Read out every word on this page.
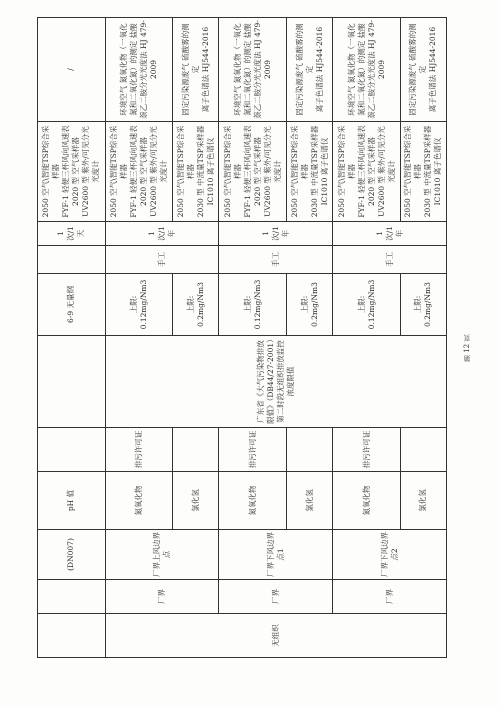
		(DN007)	pH 值			6-9 无量纲		1 次/1 天	2050 空气\智能TSP综合采样器
FYF-1 轻便三杯风向风速表
2020 型 空气采样器
UV2600 型 紫外/可见分光光度计	/
无组织	厂界	厂界上风边界点	氮氧化物	排污许可证	广东省《大气污染物排放限值》（DB44/27-2001）第二时段无组织排放监控浓度限值	上限:
0.12mg/Nm3	手工	1 次/1 年	2050 空气\智能TSP综合采样器
FYF-1 轻便三杯风向风速表
2020 型 空气采样器
UV2600 型 紫外/可见分光光度计	环境空气 氮氧化物（一氧化氮和二氧化氮）的测定 盐酸萘乙二胺分光光度法 HJ 479-2009
			氯化氢			上限:
0.2mg/Nm3			2050 空气\智能TSP综合采样器
2030 型 中流量TSP采样器
IC1010 离子色谱仪	固定污染源废气 硫酸雾的测定
离子色谱法 HJ544-2016
	厂界	厂界下风边界点1	氮氧化物	排污许可证		上限:
0.12mg/Nm3	手工	1 次/1 年	2050 空气\智能TSP综合采样器
FYF-1 轻便三杯风向风速表
2020 型 空气采样器
UV2600 型 紫外/可见分光光度计	环境空气 氮氧化物（一氧化氮和二氧化氮）的测定 盐酸萘乙二胺分光光度法 HJ 479-2009
			氯化氢			上限:
0.2mg/Nm3			2050 空气\智能TSP综合采样器
2030 型 中流量TSP采样器
IC1010 离子色谱仪	固定污染源废气 硫酸雾的测定
离子色谱法 HJ544-2016
	厂界	厂界下风边界点2	氮氧化物	排污许可证		上限:
0.12mg/Nm3	手工	1 次/1 年	2050 空气\智能TSP综合采样器
FYF-1 轻便三杯风向风速表
2020 型 空气采样器
UV2600 型 紫外/可见分光光度计	环境空气 氮氧化物（一氧化氮和二氧化氮）的测定 盐酸萘乙二胺分光光度法 HJ 479-2009
			氯化氢			上限:
0.2mg/Nm3			2050 空气\智能TSP综合采样器
2030 型 中流量TSP采样器
IC1010 离子色谱仪	固定污染源废气 硫酸雾的测定
离子色谱法 HJ544-2016
第 12 页
